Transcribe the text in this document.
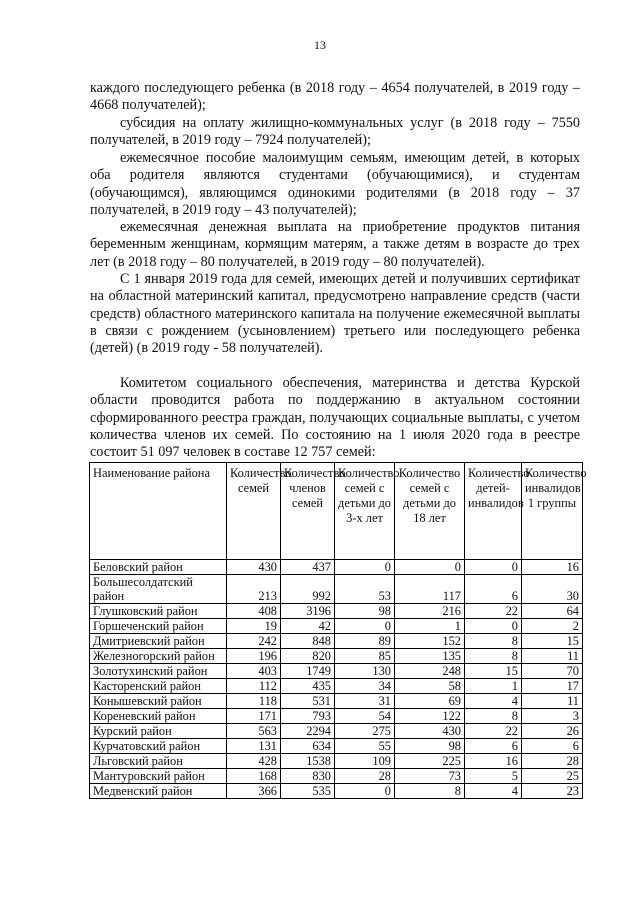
13

каждого последующего ребенка (в 2018 году – 4654 получателей, в 2019 году – 4668 получателей);

субсидия на оплату жилищно-коммунальных услуг (в 2018 году – 7550 получателей, в 2019 году – 7924 получателей);

ежемесячное пособие малоимущим семьям, имеющим детей, в которых оба родителя являются студентами (обучающимися), и студентам (обучающимся), являющимся одинокими родителями (в 2018 году – 37 получателей, в 2019 году – 43 получателей);

ежемесячная денежная выплата на приобретение продуктов питания беременным женщинам, кормящим матерям, а также детям в возрасте до трех лет (в 2018 году – 80 получателей, в 2019 году – 80 получателей).

С 1 января 2019 года для семей, имеющих детей и получивших сертификат на областной материнский капитал, предусмотрено направление средств (части средств) областного материнского капитала на получение ежемесячной выплаты в связи с рождением (усыновлением) третьего или последующего ребенка (детей) (в 2019 году - 58 получателей).

Комитетом социального обеспечения, материнства и детства Курской области проводится работа по поддержанию в актуальном состоянии сформированного реестра граждан, получающих социальные выплаты, с учетом количества членов их семей. По состоянию на 1 июля 2020 года в реестре состоит 51 097 человек в составе 12 757 семей:

Наименование района	Количество семей	Количество членов семей	Количество семей с детьми до 3-х лет	Количество семей с детьми до 18 лет	Количество детей-инвалидов	Количество инвалидов 1 группы
Беловский район	430	437	0	0	0	16
Большесолдатский район	213	992	53	117	6	30
Глушковский район	408	3196	98	216	22	64
Горшеченский район	19	42	0	1	0	2
Дмитриевский район	242	848	89	152	8	15
Железногорский район	196	820	85	135	8	11
Золотухинский район	403	1749	130	248	15	70
Касторенский район	112	435	34	58	1	17
Конышевский район	118	531	31	69	4	11
Кореневский район	171	793	54	122	8	3
Курский район	563	2294	275	430	22	26
Курчатовский район	131	634	55	98	6	6
Льговский район	428	1538	109	225	16	28
Мантуровский район	168	830	28	73	5	25
Медвенский район	366	535	0	8	4	23
